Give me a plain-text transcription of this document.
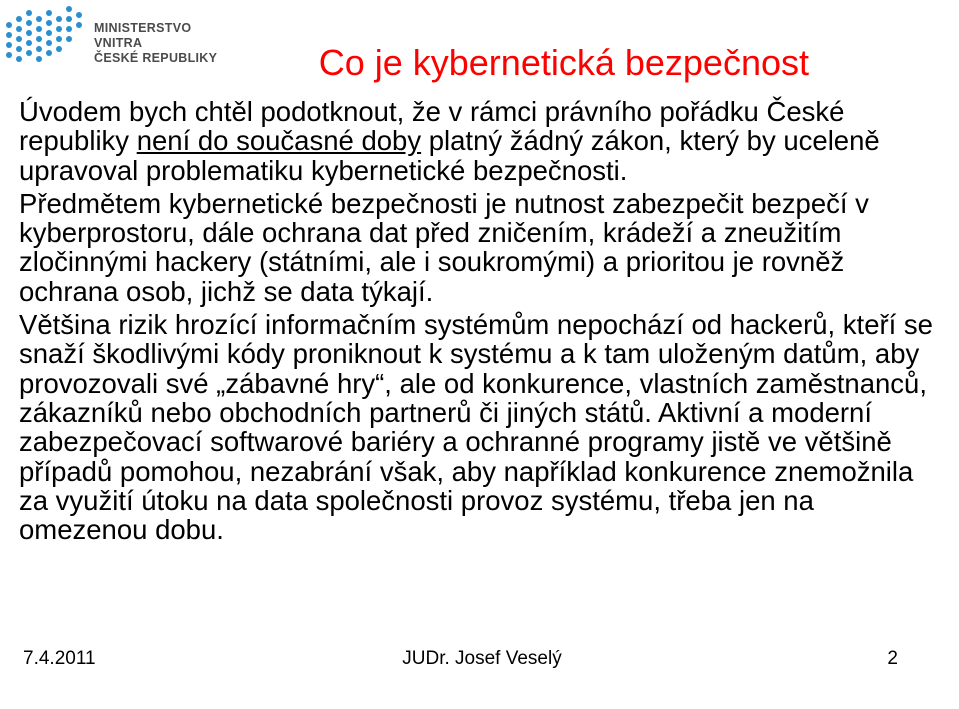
MINISTERSTVO VNITRA
ČESKÉ REPUBLIKY	Co je kybernetická bezpečnost

Úvodem bych chtěl podotknout, že v rámci právního pořádku České republiky není do současné doby platný žádný zákon, který by uceleně upravoval problematiku kybernetické bezpečnosti.

Předmětem kybernetické bezpečnosti je nutnost zabezpečit bezpečí v kyberprostoru, dále ochrana dat před zničením, krádeží a zneužitím zločinnými hackery (státními, ale i soukromými) a prioritou je rovněž ochrana osob, jichž se data týkají.

Většina rizik hrozící informačním systémům nepochází od hackerů, kteří se snaží škodlivými kódy proniknout k systému a k tam uloženým datům, aby provozovali své „zábavné hry“, ale od konkurence, vlastních zaměstnanců, zákazníků nebo obchodních partnerů či jiných států. Aktivní a moderní zabezpečovací softwarové bariéry a ochranné programy jistě ve většině případů pomohou, nezabrání však, aby například konkurence znemožnila za využití útoku na data společnosti provoz systému, třeba jen na omezenou dobu.

7.4.2011	JUDr. Josef Veselý	2
